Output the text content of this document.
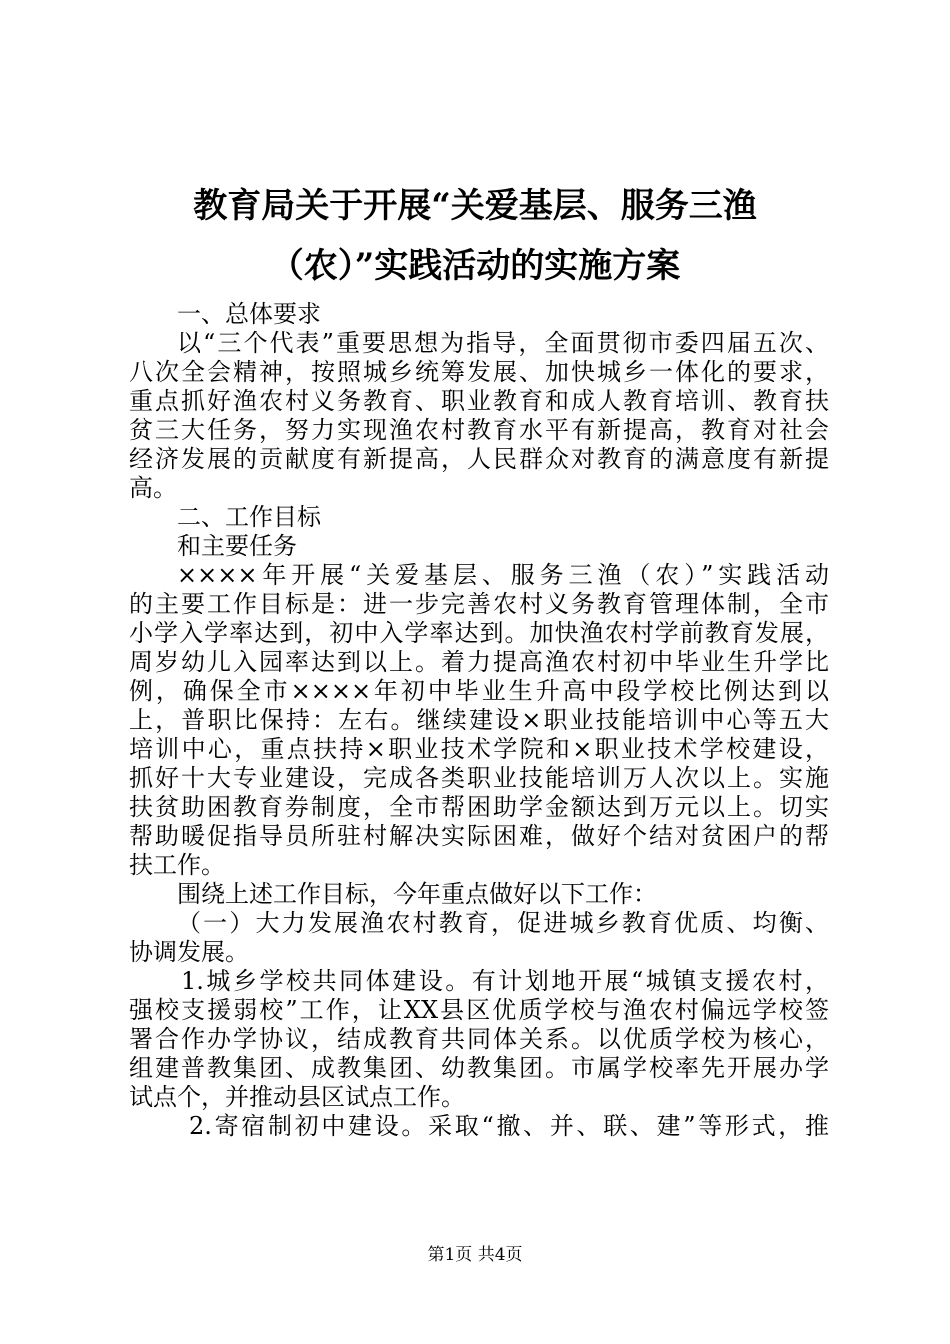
教育局关于开展“关爱基层、服务三渔
（农）”实践活动的实施方案
一、总体要求
以“三个代表”重要思想为指导，全面贯彻市委四届五次、
八次全会精神，按照城乡统筹发展、加快城乡一体化的要求，
重点抓好渔农村义务教育、职业教育和成人教育培训、教育扶
贫三大任务，努力实现渔农村教育水平有新提高，教育对社会
经济发展的贡献度有新提高，人民群众对教育的满意度有新提
高。
二、工作目标
和主要任务
××××年开展“关爱基层、服务三渔（农）”实践活动
的主要工作目标是：进一步完善农村义务教育管理体制，全市
小学入学率达到，初中入学率达到。加快渔农村学前教育发展，
周岁幼儿入园率达到以上。着力提高渔农村初中毕业生升学比
例，确保全市××××年初中毕业生升高中段学校比例达到以
上，普职比保持：左右。继续建设×职业技能培训中心等五大
培训中心，重点扶持×职业技术学院和×职业技术学校建设，
抓好十大专业建设，完成各类职业技能培训万人次以上。实施
扶贫助困教育券制度，全市帮困助学金额达到万元以上。切实
帮助暖促指导员所驻村解决实际困难，做好个结对贫困户的帮
扶工作。
围绕上述工作目标，今年重点做好以下工作：
（一）大力发展渔农村教育，促进城乡教育优质、均衡、
协调发展。
1.城乡学校共同体建设。有计划地开展“城镇支援农村，
强校支援弱校”工作，让XX县区优质学校与渔农村偏远学校签
署合作办学协议，结成教育共同体关系。以优质学校为核心，
组建普教集团、成教集团、幼教集团。市属学校率先开展办学
试点个，并推动县区试点工作。
2.寄宿制初中建设。采取“撤、并、联、建”等形式，推
第1页 共4页
